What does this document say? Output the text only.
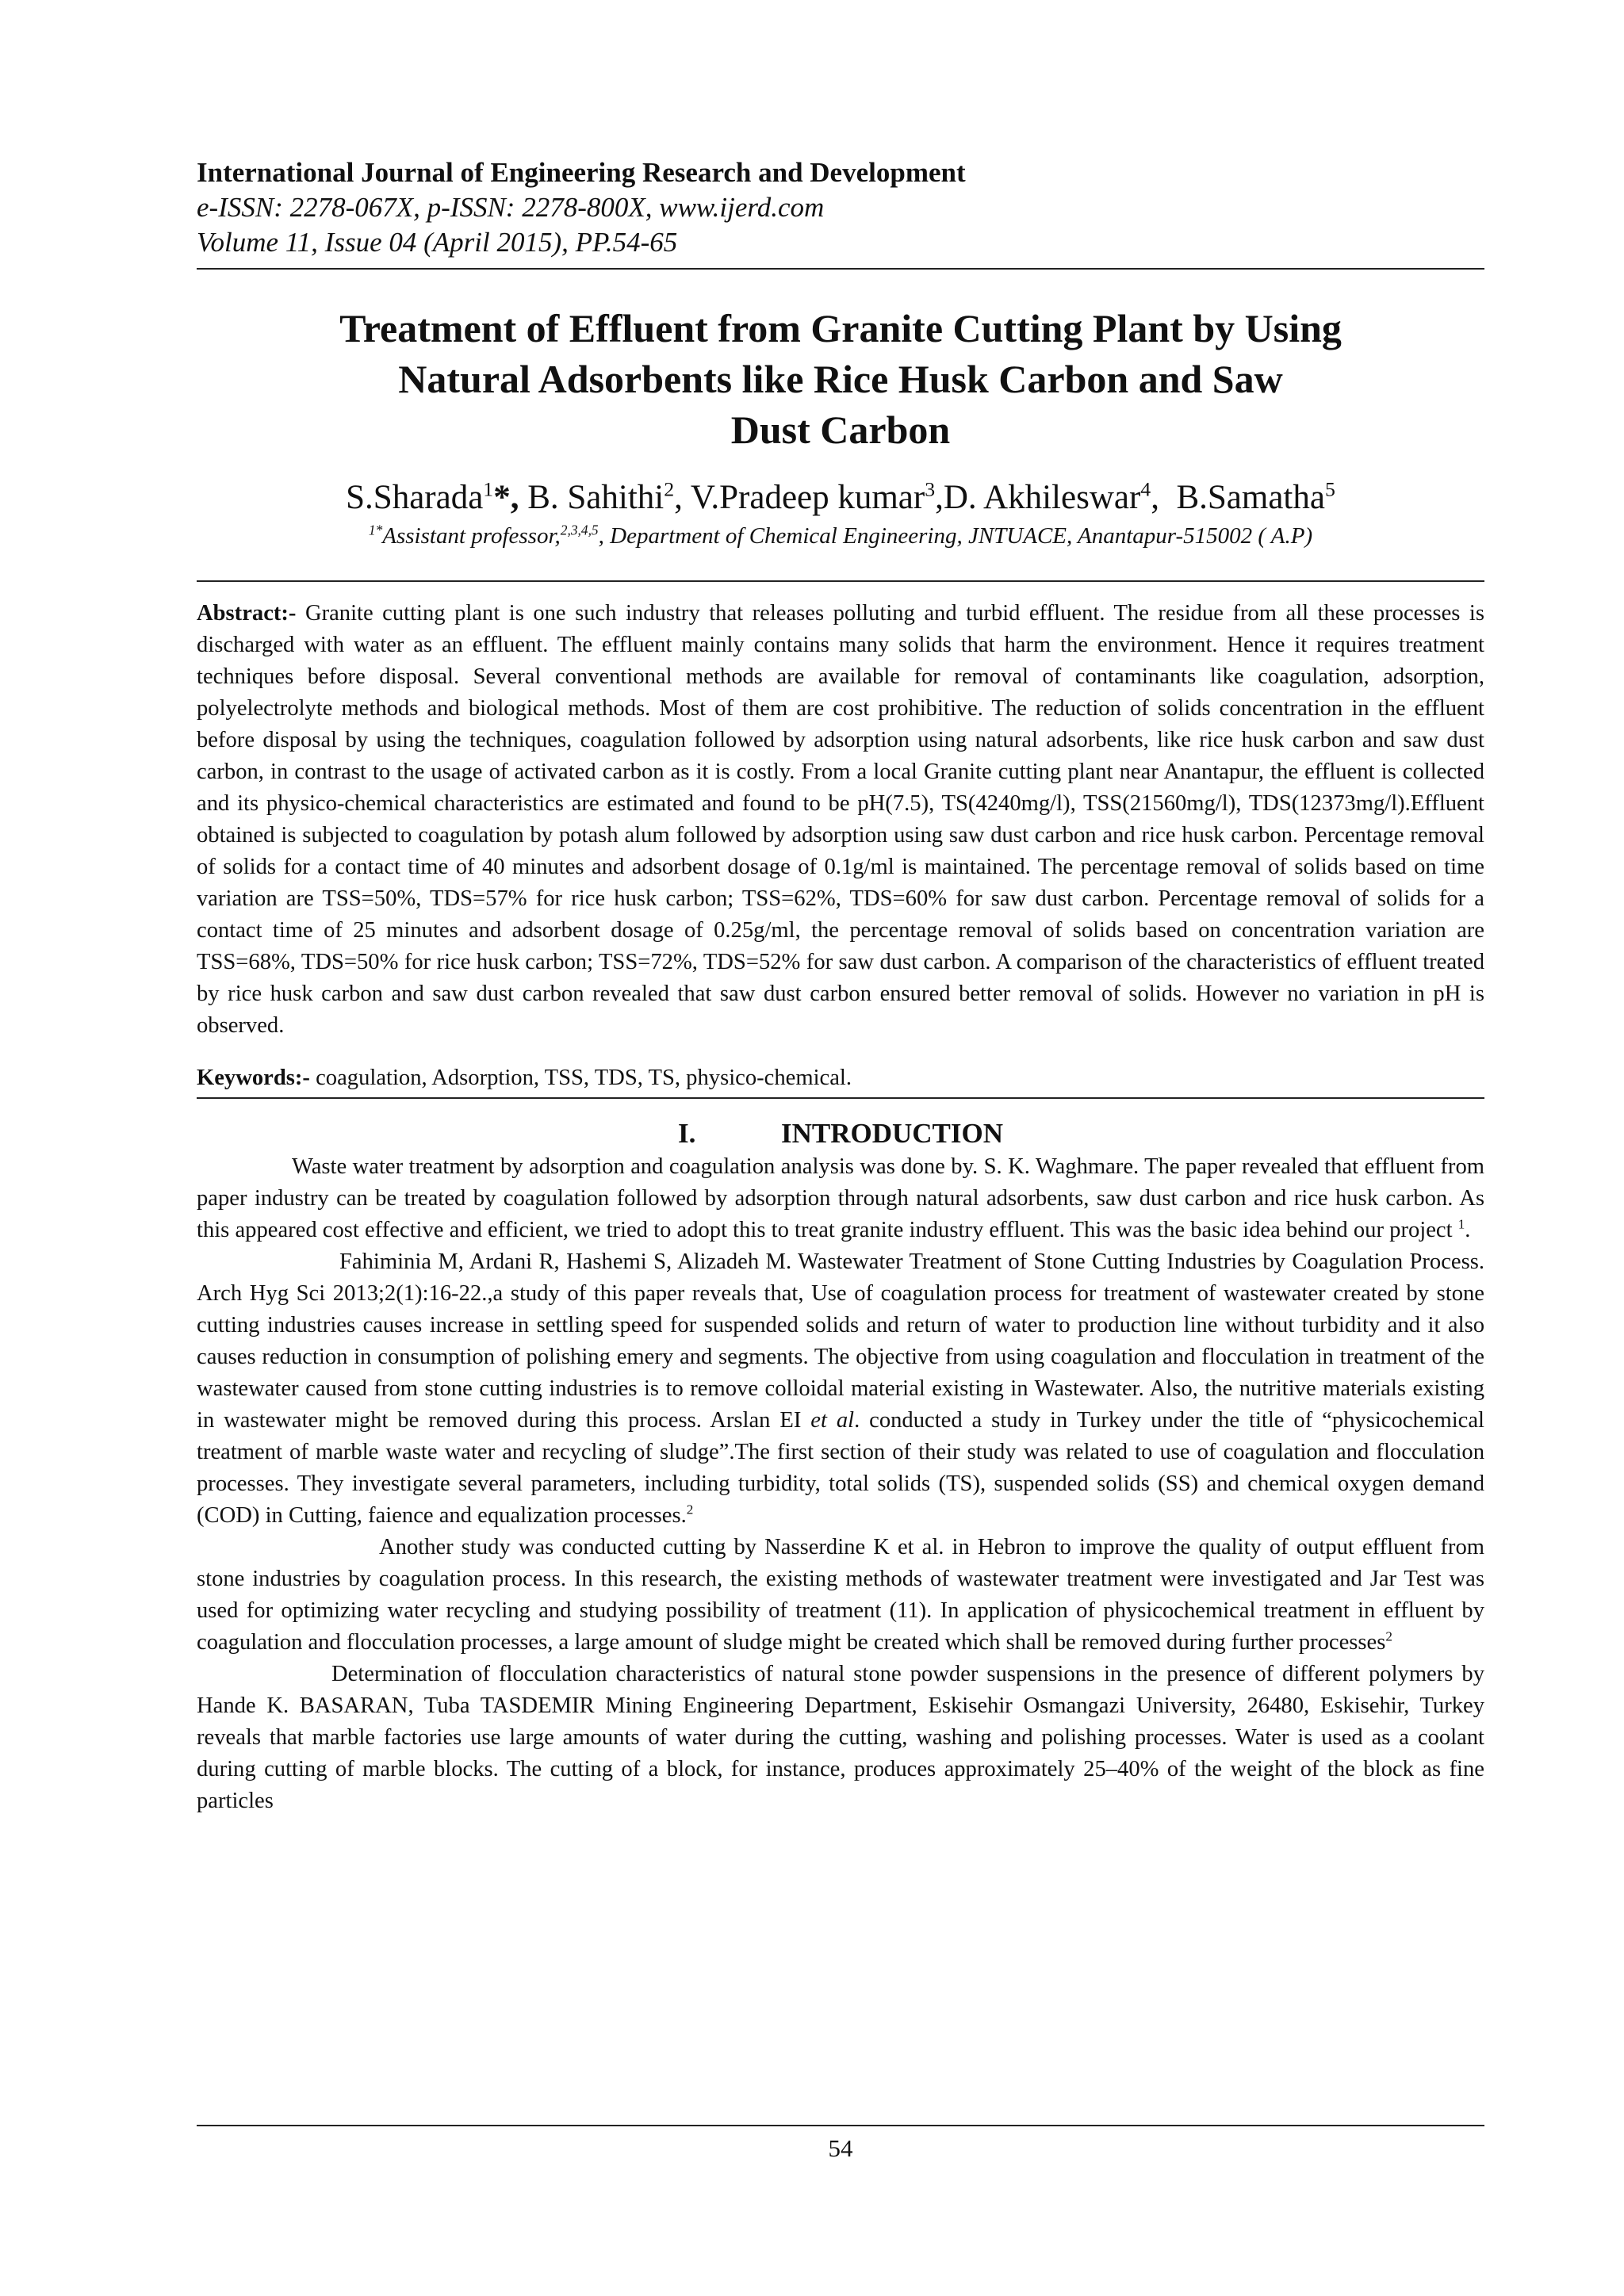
International Journal of Engineering Research and Development
e-ISSN: 2278-067X, p-ISSN: 2278-800X, www.ijerd.com
Volume 11, Issue 04 (April 2015), PP.54-65
Treatment of Effluent from Granite Cutting Plant by Using
Natural Adsorbents like Rice Husk Carbon and Saw
Dust Carbon
S.Sharada$^1$*, B. Sahithi$^2$, V.Pradeep kumar$^3$,D. Akhileswar$^4$,  B.Samatha$^5$
$^{1*}$Assistant professor,$^{2,3,4,5}$, Department of Chemical Engineering, JNTUACE, Anantapur-515002 ( A.P)
Abstract:- Granite cutting plant is one such industry that releases polluting and turbid effluent. The residue from all these processes is discharged with water as an effluent. The effluent mainly contains many solids that harm the environment. Hence it requires treatment techniques before disposal. Several conventional methods are available for removal of contaminants like coagulation, adsorption, polyelectrolyte methods and biological methods. Most of them are cost prohibitive. The reduction of solids concentration in the effluent before disposal by using the techniques, coagulation followed by adsorption using natural adsorbents, like rice husk carbon and saw dust carbon, in contrast to the usage of activated carbon as it is costly. From a local Granite cutting plant near Anantapur, the effluent is collected and its physico-chemical characteristics are estimated and found to be pH(7.5), TS(4240mg/l), TSS(21560mg/l), TDS(12373mg/l).Effluent obtained is subjected to coagulation by potash alum followed by adsorption using saw dust carbon and rice husk carbon. Percentage removal of solids for a contact time of 40 minutes and adsorbent dosage of 0.1g/ml is maintained. The percentage removal of solids based on time variation are TSS=50%, TDS=57% for rice husk carbon; TSS=62%, TDS=60% for saw dust carbon. Percentage removal of solids for a contact time of 25 minutes and adsorbent dosage of 0.25g/ml, the percentage removal of solids based on concentration variation are TSS=68%, TDS=50% for rice husk carbon; TSS=72%, TDS=52% for saw dust carbon. A comparison of the characteristics of effluent treated by rice husk carbon and saw dust carbon revealed that saw dust carbon ensured better removal of solids. However no variation in pH is observed.
Keywords:- coagulation, Adsorption, TSS, TDS, TS, physico-chemical.
I.	INTRODUCTION

Waste water treatment by adsorption and coagulation analysis was done by. S. K. Waghmare. The paper revealed that effluent from paper industry can be treated by coagulation followed by adsorption through natural adsorbents, saw dust carbon and rice husk carbon. As this appeared cost effective and efficient, we tried to adopt this to treat granite industry effluent. This was the basic idea behind our project $^1$.

Fahiminia M, Ardani R, Hashemi S, Alizadeh M. Wastewater Treatment of Stone Cutting Industries by Coagulation Process. Arch Hyg Sci 2013;2(1):16-22.,a study of this paper reveals that, Use of coagulation process for treatment of wastewater created by stone cutting industries causes increase in settling speed for suspended solids and return of water to production line without turbidity and it also causes reduction in consumption of polishing emery and segments. The objective from using coagulation and flocculation in treatment of the wastewater caused from stone cutting industries is to remove colloidal material existing in Wastewater. Also, the nutritive materials existing in wastewater might be removed during this process. Arslan EI et al. conducted a study in Turkey under the title of “physicochemical treatment of marble waste water and recycling of sludge”.The first section of their study was related to use of coagulation and flocculation processes. They investigate several parameters, including turbidity, total solids (TS), suspended solids (SS) and chemical oxygen demand (COD) in Cutting, faience and equalization processes.$^2$

Another study was conducted cutting by Nasserdine K et al. in Hebron to improve the quality of output effluent from stone industries by coagulation process. In this research, the existing methods of wastewater treatment were investigated and Jar Test was used for optimizing water recycling and studying possibility of treatment (11). In application of physicochemical treatment in effluent by coagulation and flocculation processes, a large amount of sludge might be created which shall be removed during further processes$^2$

Determination of flocculation characteristics of natural stone powder suspensions in the presence of different polymers by Hande K. BASARAN, Tuba TASDEMIR Mining Engineering Department, Eskisehir Osmangazi University, 26480, Eskisehir, Turkey reveals that marble factories use large amounts of water during the cutting, washing and polishing processes. Water is used as a coolant during cutting of marble blocks. The cutting of a block, for instance, produces approximately 25–40% of the weight of the block as fine particles

54
